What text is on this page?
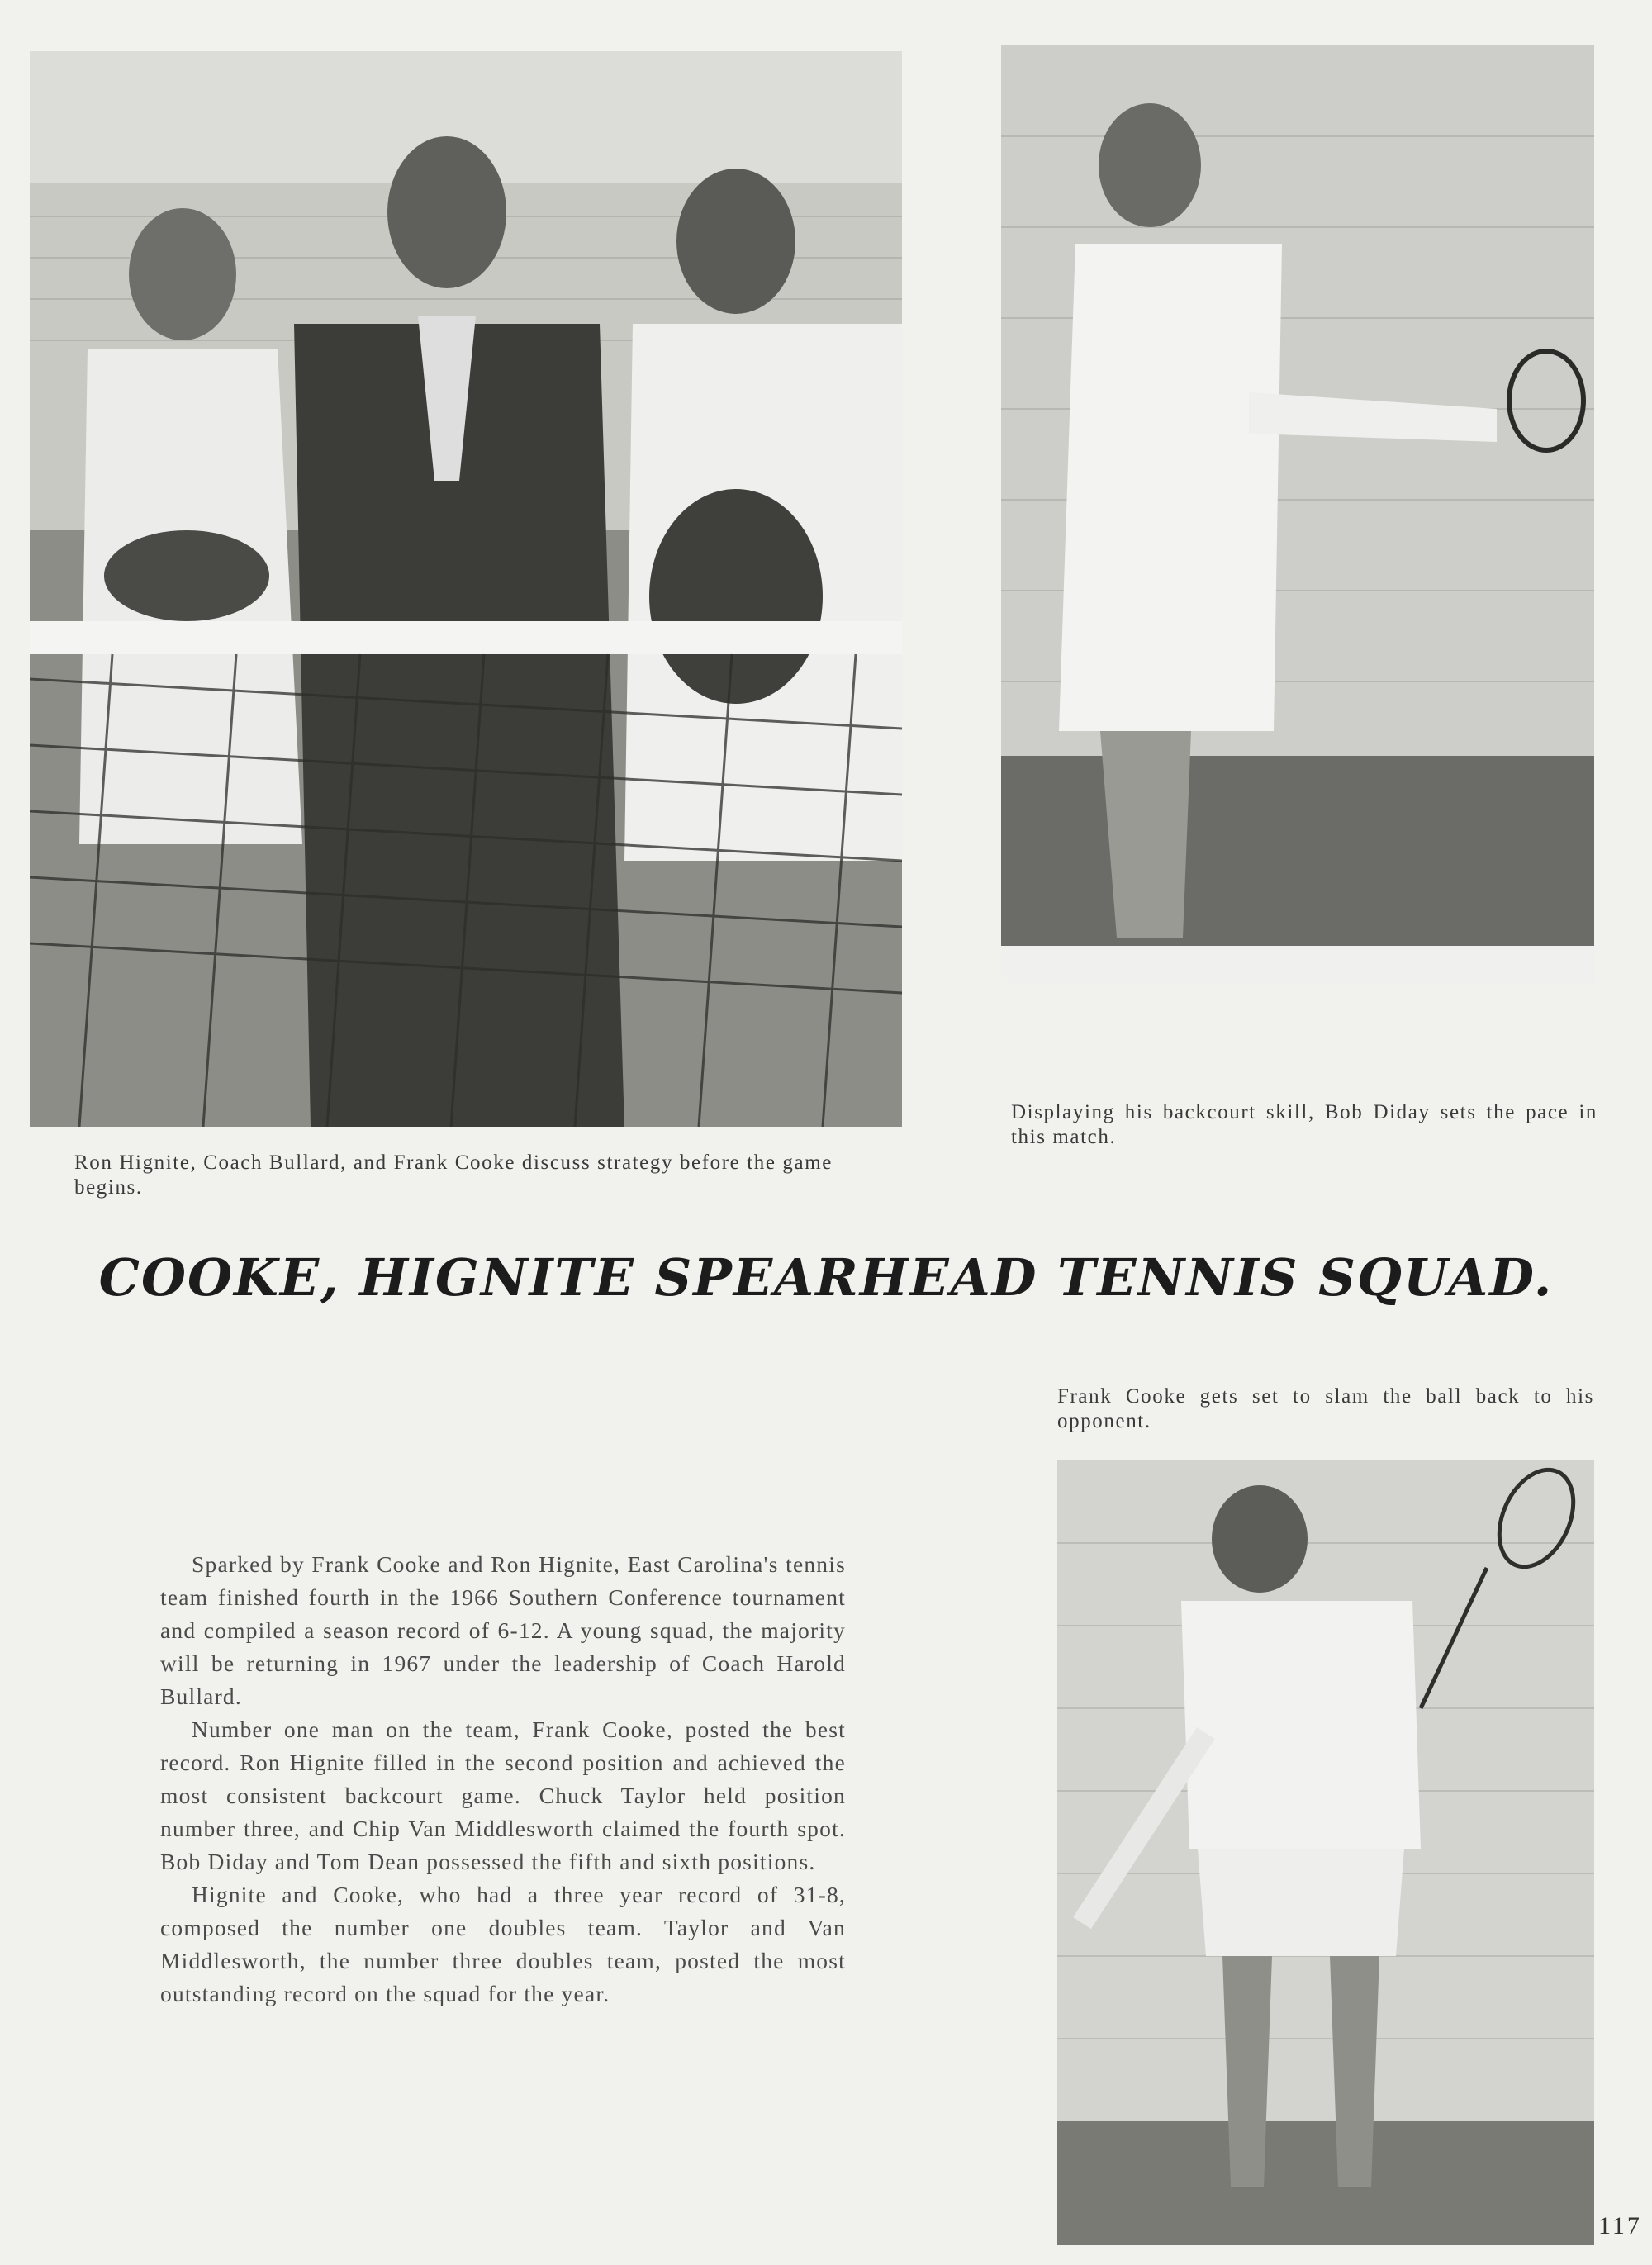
Ron Hignite, Coach Bullard, and Frank Cooke discuss strategy before the game begins.
Displaying his backcourt skill, Bob Diday sets the pace in this match.
COOKE, HIGNITE SPEARHEAD TENNIS SQUAD.
Frank Cooke gets set to slam the ball back to his opponent.

Sparked by Frank Cooke and Ron Hignite, East Carolina's tennis team finished fourth in the 1966 Southern Conference tournament and compiled a season record of 6-12. A young squad, the majority will be returning in 1967 under the leadership of Coach Harold Bullard.

Number one man on the team, Frank Cooke, posted the best record. Ron Hignite filled in the second position and achieved the most consistent backcourt game. Chuck Taylor held position number three, and Chip Van Middlesworth claimed the fourth spot. Bob Diday and Tom Dean possessed the fifth and sixth positions.

Hignite and Cooke, who had a three year record of 31-8, composed the number one doubles team. Taylor and Van Middlesworth, the number three doubles team, posted the most outstanding record on the squad for the year.

117
